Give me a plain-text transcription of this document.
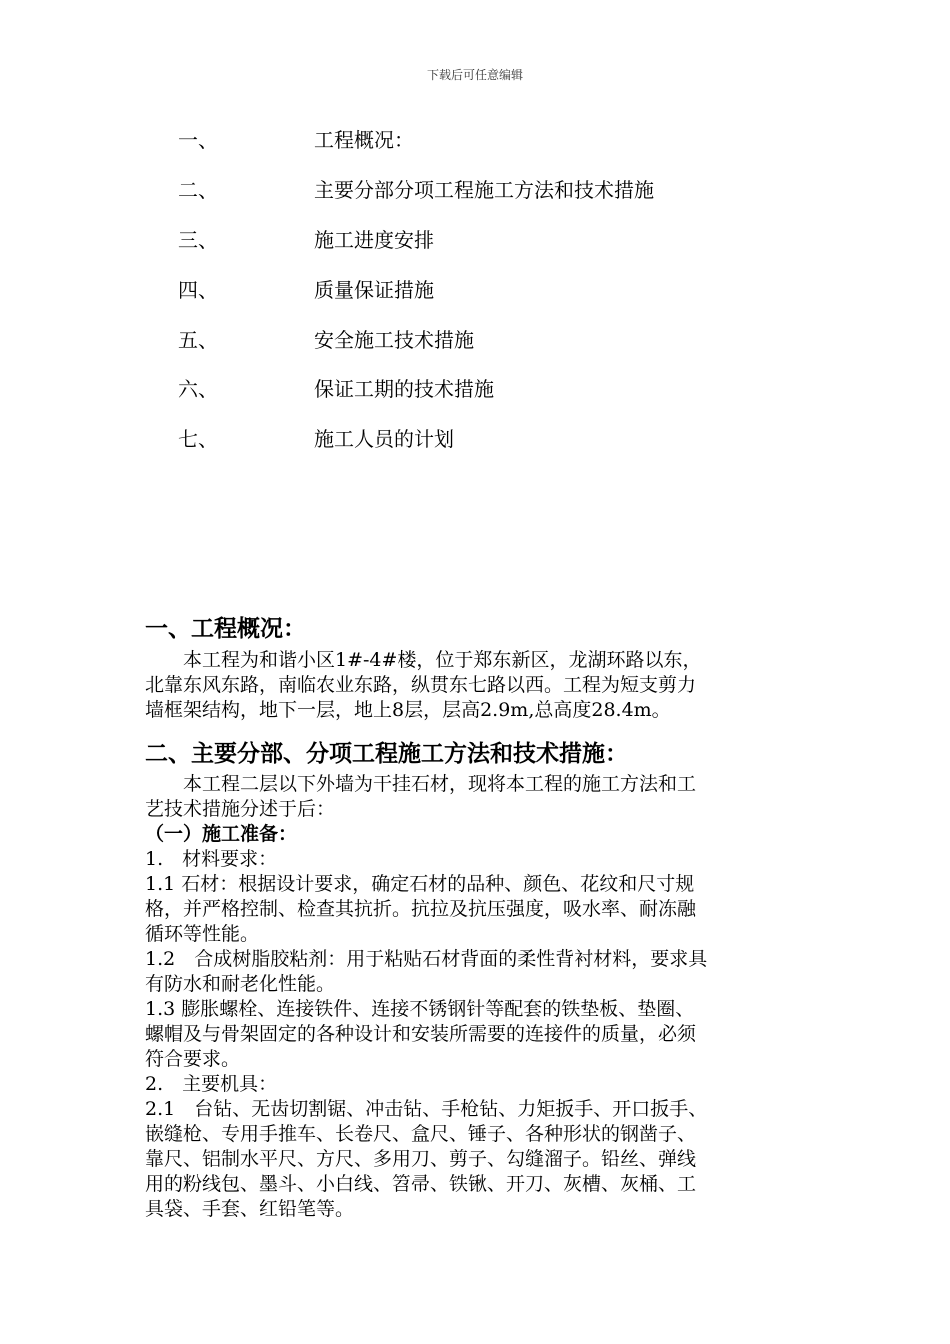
下载后可任意编辑
一、	工程概况：
二、	主要分部分项工程施工方法和技术措施
三、	施工进度安排
四、	质量保证措施
五、	安全施工技术措施
六、	保证工期的技术措施
七、	施工人员的计划
一、工程概况：
　　本工程为和谐小区1#-4#楼，位于郑东新区，龙湖环路以东，
北靠东风东路，南临农业东路，纵贯东七路以西。工程为短支剪力
墙框架结构，地下一层，地上8层，层高2.9m,总高度28.4m。
二、主要分部、分项工程施工方法和技术措施：
　　本工程二层以下外墙为干挂石材，现将本工程的施工方法和工
艺技术措施分述于后：
（一）施工准备：
1.　材料要求：
1.1 石材：根据设计要求，确定石材的品种、颜色、花纹和尺寸规
格，并严格控制、检查其抗折。抗拉及抗压强度，吸水率、耐冻融
循环等性能。
1.2　合成树脂胶粘剂：用于粘贴石材背面的柔性背衬材料，要求具
有防水和耐老化性能。
1.3 膨胀螺栓、连接铁件、连接不锈钢针等配套的铁垫板、垫圈、
螺帽及与骨架固定的各种设计和安装所需要的连接件的质量，必须
符合要求。
2.　主要机具：
2.1　台钻、无齿切割锯、冲击钻、手枪钻、力矩扳手、开口扳手、
嵌缝枪、专用手推车、长卷尺、盒尺、锤子、各种形状的钢凿子、
靠尺、铝制水平尺、方尺、多用刀、剪子、勾缝溜子。铅丝、弹线
用的粉线包、墨斗、小白线、笤帚、铁锹、开刀、灰槽、灰桶、工
具袋、手套、红铅笔等。
